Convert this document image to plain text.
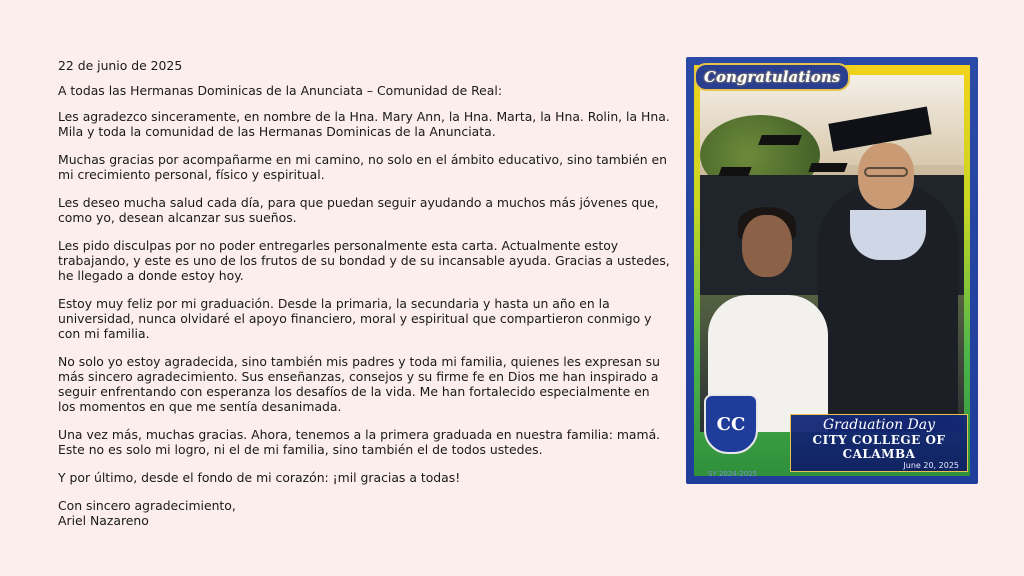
22 de junio de 2025

A todas las Hermanas Dominicas de la Anunciata – Comunidad de Real:

Les agradezco sinceramente, en nombre de la Hna. Mary Ann, la Hna. Marta, la Hna. Rolin, la Hna. Mila y toda la comunidad de las Hermanas Dominicas de la Anunciata.

Muchas gracias por acompañarme en mi camino, no solo en el ámbito educativo, sino también en mi crecimiento personal, físico y espiritual.

Les deseo mucha salud cada día, para que puedan seguir ayudando a muchos más jóvenes que, como yo, desean alcanzar sus sueños.

Les pido disculpas por no poder entregarles personalmente esta carta. Actualmente estoy trabajando, y este es uno de los frutos de su bondad y de su incansable ayuda. Gracias a ustedes, he llegado a donde estoy hoy.

Estoy muy feliz por mi graduación. Desde la primaria, la secundaria y hasta un año en la universidad, nunca olvidaré el apoyo financiero, moral y espiritual que compartieron conmigo y con mi familia.

No solo yo estoy agradecida, sino también mis padres y toda mi familia, quienes les expresan su más sincero agradecimiento. Sus enseñanzas, consejos y su firme fe en Dios me han inspirado a seguir enfrentando con esperanza los desafíos de la vida. Me han fortalecido especialmente en los momentos en que me sentía desanimada.

Una vez más, muchas gracias. Ahora, tenemos a la primera graduada en nuestra familia: mamá. Este no es solo mi logro, ni el de mi familia, sino también el de todos ustedes.

Y por último, desde el fondo de mi corazón: ¡mil gracias a todas!

Con sincero agradecimiento,

Ariel Nazareno

Congratulations
CC
SY 2024-2025
Graduation Day
CITY COLLEGE OF CALAMBA
June 20, 2025
